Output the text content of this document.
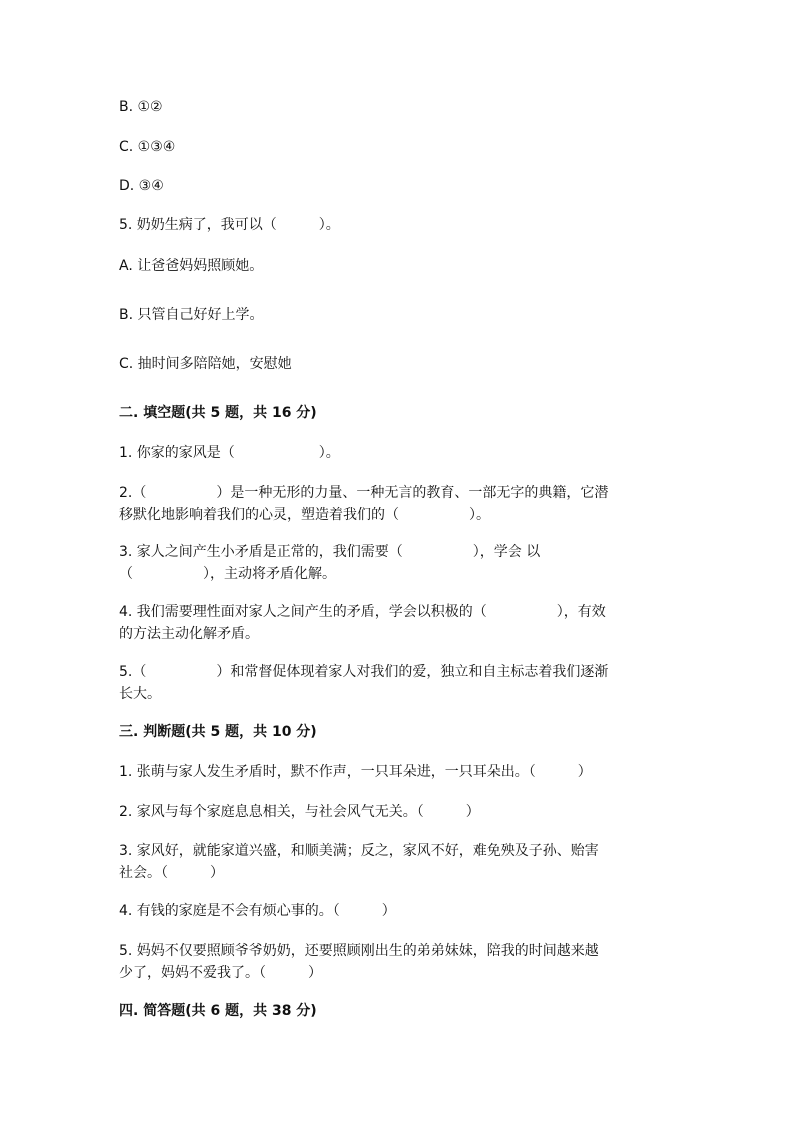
B. ①②
C. ①③④
D. ③④
5. 奶奶生病了，我可以（　　　）。
A. 让爸爸妈妈照顾她。
B. 只管自己好好上学。
C. 抽时间多陪陪她，安慰她
二. 填空题(共 5 题，共 16 分)
1. 你家的家风是（　　　　　　）。
2.（　　　　　）是一种无形的力量、一种无言的教育、一部无字的典籍，它潜
移默化地影响着我们的心灵，塑造着我们的（　　　　　）。
3. 家人之间产生小矛盾是正常的，我们需要（　　　　　），学会 以
（　　　　　），主动将矛盾化解。
4. 我们需要理性面对家人之间产生的矛盾，学会以积极的（　　　　　），有效
的方法主动化解矛盾。
5.（　　　　　）和常督促体现着家人对我们的爱，独立和自主标志着我们逐渐
长大。
三. 判断题(共 5 题，共 10 分)
1. 张萌与家人发生矛盾时，默不作声，一只耳朵进，一只耳朵出。（　　　）
2. 家风与每个家庭息息相关，与社会风气无关。（　　　）
3. 家风好，就能家道兴盛，和顺美满；反之，家风不好，难免殃及子孙、贻害
社会。（　　　）
4. 有钱的家庭是不会有烦心事的。（　　　）
5. 妈妈不仅要照顾爷爷奶奶，还要照顾刚出生的弟弟妹妹，陪我的时间越来越
少了，妈妈不爱我了。（　　　）
四. 简答题(共 6 题，共 38 分)
